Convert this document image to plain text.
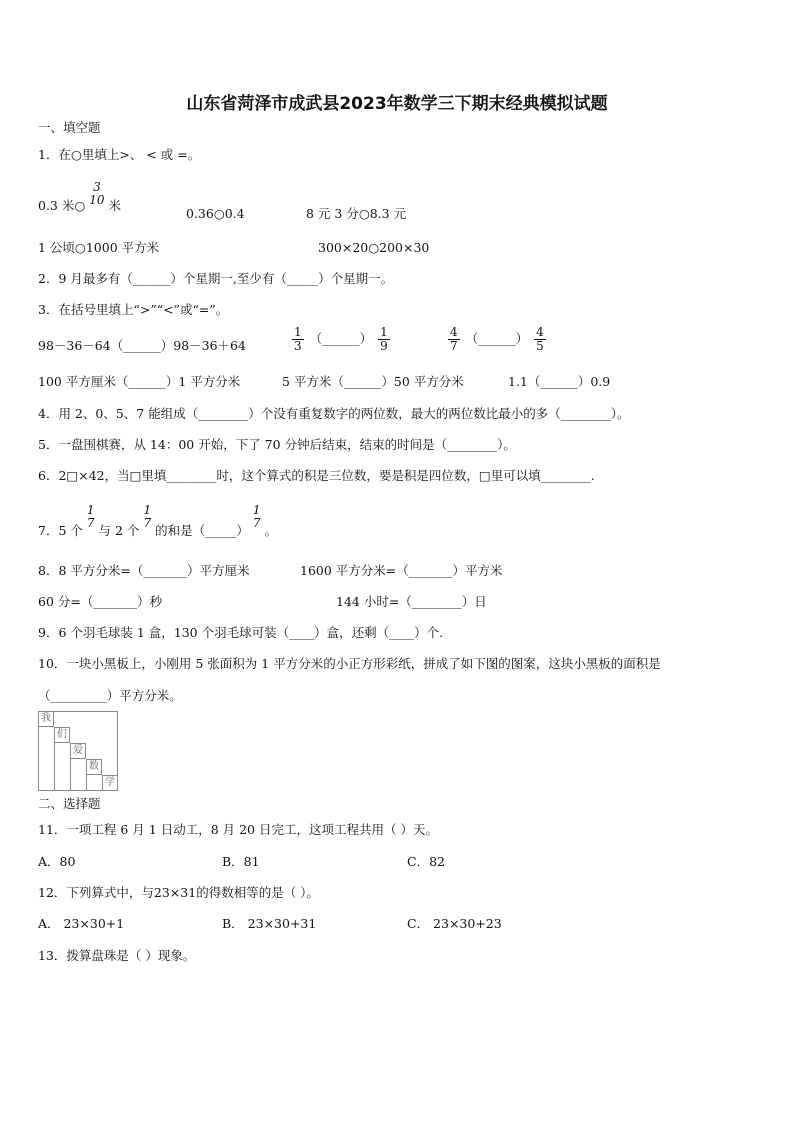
山东省菏泽市成武县2023年数学三下期末经典模拟试题
一、填空题
1．在○里填上>、 < 或 =。
0.3 米○
3
10 米
0.36○0.4	8 元 3 分○8.3 元
1 公顷○1000 平方米	300×20○200×30
2．9 月最多有（______）个星期一,至少有（_____）个星期一。
3．在括号里填上“>”“<”或“=”。
98－36－64（______）98－36＋64	$\frac{1}{3}$ （______） $\frac{1}{9}$	$\frac{4}{7}$ （______） $\frac{4}{5}$
100 平方厘米（______）1 平方分米	5 平方米（______）50 平方分米	1.1（______）0.9
4．用 2、0、5、7 能组成（________）个没有重复数字的两位数，最大的两位数比最小的多（________）。
5．一盘围棋赛，从 14：00 开始，下了 70 分钟后结束，结束的时间是（________）。
6．2□×42，当□里填________时，这个算式的积是三位数，要是积是四位数，□里可以填________.
7．5 个
1
7 与 2 个
1
7 的和是（_____）
1
7 。
8．8 平方分米=（_______）平方厘米	1600 平方分米=（_______）平方米
60 分=（_______）秒	144 小时=（________）日
9．6 个羽毛球装 1 盒，130 个羽毛球可装（____）盒，还剩（____）个.
10．一块小黑板上，小刚用 5 张面积为 1 平方分米的小正方形彩纸，拼成了如下图的图案，这块小黑板的面积是
（_________）平方分米。
我
们
爱
数
学
二、选择题
11．一项工程 6 月 1 日动工，8 月 20 日完工，这项工程共用（ ）天。
A．80	B．81	C．82
12．下列算式中，与23×31的得数相等的是（ ）。
A． 23×30+1	B． 23×30+31	C． 23×30+23
13．拨算盘珠是（ ）现象。
